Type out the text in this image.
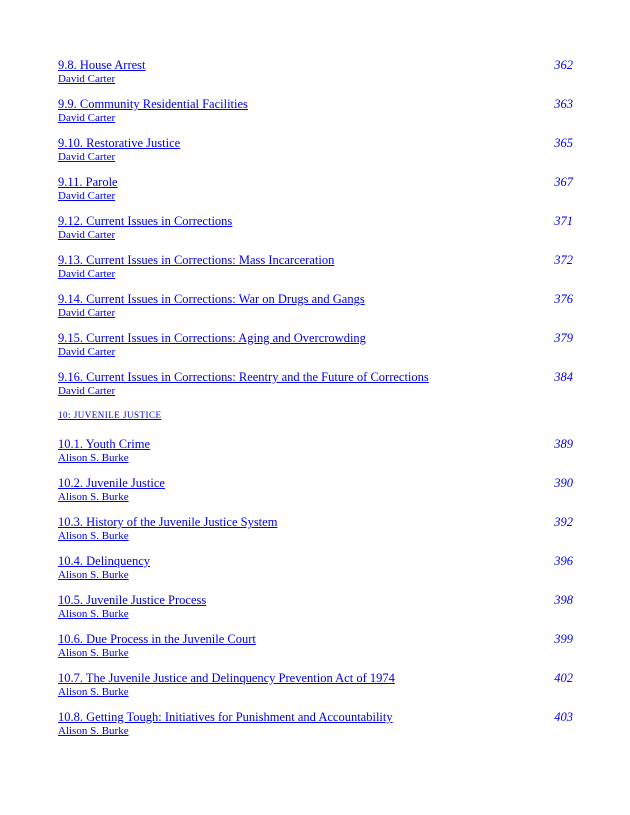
9.8. House Arrest
David Carter
362
9.9. Community Residential Facilities
David Carter
363
9.10. Restorative Justice
David Carter
365
9.11. Parole
David Carter
367
9.12. Current Issues in Corrections
David Carter
371
9.13. Current Issues in Corrections: Mass Incarceration
David Carter
372
9.14. Current Issues in Corrections: War on Drugs and Gangs
David Carter
376
9.15. Current Issues in Corrections: Aging and Overcrowding
David Carter
379
9.16. Current Issues in Corrections: Reentry and the Future of Corrections
David Carter
384
10: JUVENILE JUSTICE
10.1. Youth Crime
Alison S. Burke
389
10.2. Juvenile Justice
Alison S. Burke
390
10.3. History of the Juvenile Justice System
Alison S. Burke
392
10.4. Delinquency
Alison S. Burke
396
10.5. Juvenile Justice Process
Alison S. Burke
398
10.6. Due Process in the Juvenile Court
Alison S. Burke
399
10.7. The Juvenile Justice and Delinquency Prevention Act of 1974
Alison S. Burke
402
10.8. Getting Tough: Initiatives for Punishment and Accountability
Alison S. Burke
403
